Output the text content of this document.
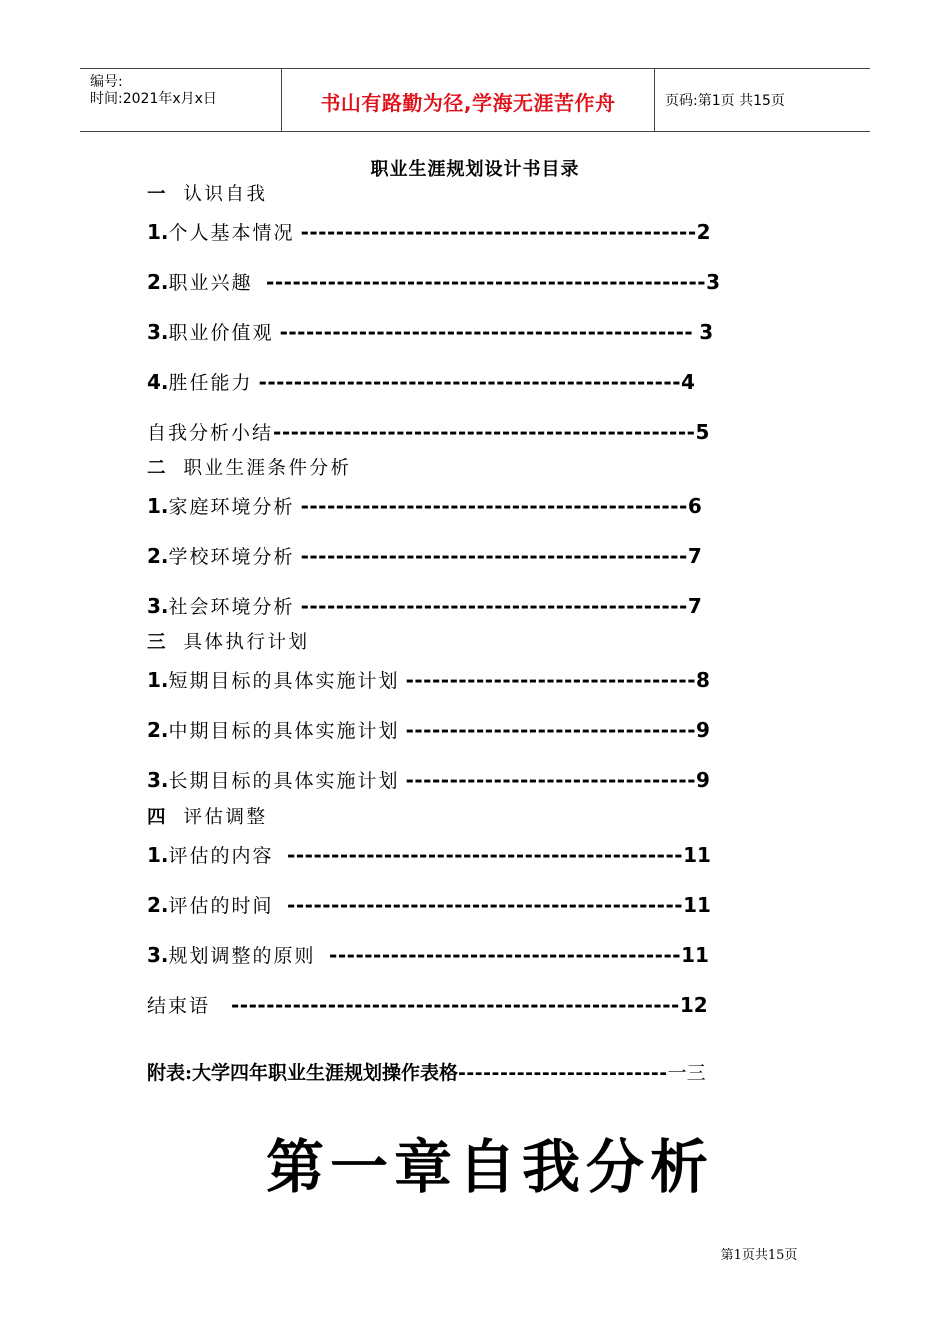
编号:
时间:2021年x月x日	书山有路勤为径,学海无涯苦作舟	页码:第1页 共15页
职业生涯规划设计书目录
一 认识自我
1.个人基本情况 ---------------------------------------------2
2.职业兴趣  --------------------------------------------------3
3.职业价值观 ----------------------------------------------- 3
4.胜任能力 ------------------------------------------------4
自我分析小结------------------------------------------------5
二 职业生涯条件分析
1.家庭环境分析 --------------------------------------------6
2.学校环境分析 --------------------------------------------7
3.社会环境分析 --------------------------------------------7
三 具体执行计划
1.短期目标的具体实施计划 ---------------------------------8
2.中期目标的具体实施计划 ---------------------------------9
3.长期目标的具体实施计划 ---------------------------------9
四 评估调整
1.评估的内容  ---------------------------------------------11
2.评估的时间  ---------------------------------------------11
3.规划调整的原则  ----------------------------------------11
结束语   ---------------------------------------------------12
附表:大学四年职业生涯规划操作表格-------------------------一三
第一章自我分析
第1页共15页
